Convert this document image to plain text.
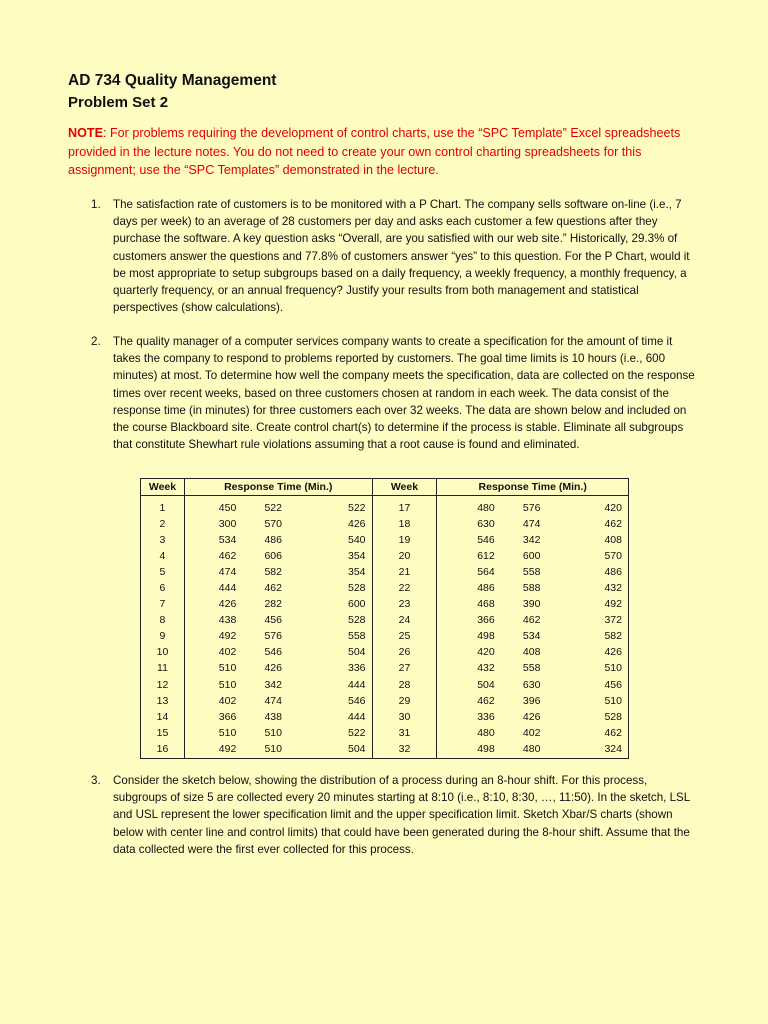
AD 734 Quality Management
Problem Set 2

NOTE: For problems requiring the development of control charts, use the “SPC Template” Excel spreadsheets provided in the lecture notes. You do not need to create your own control charting spreadsheets for this assignment; use the “SPC Templates” demonstrated in the lecture.

1. The satisfaction rate of customers is to be monitored with a P Chart. The company sells software on-line (i.e., 7 days per week) to an average of 28 customers per day and asks each customer a few questions after they purchase the software. A key question asks “Overall, are you satisfied with our web site.” Historically, 29.3% of customers answer the questions and 77.8% of customers answer “yes” to this question. For the P Chart, would it be most appropriate to setup subgroups based on a daily frequency, a weekly frequency, a monthly frequency, a quarterly frequency, or an annual frequency? Justify your results from both management and statistical perspectives (show calculations).
2. The quality manager of a computer services company wants to create a specification for the amount of time it takes the company to respond to problems reported by customers. The goal time limits is 10 hours (i.e., 600 minutes) at most. To determine how well the company meets the specification, data are collected on the response times over recent weeks, based on three customers chosen at random in each week. The data consist of the response time (in minutes) for three customers each over 32 weeks. The data are shown below and included on the course Blackboard site. Create control chart(s) to determine if the process is stable. Eliminate all subgroups that constitute Shewhart rule violations assuming that a root cause is found and eliminated.
Week	Response Time (Min.)			Week	Response Time (Min.)		
1	450	522	522	17	480	576	420
2	300	570	426	18	630	474	462
3	534	486	540	19	546	342	408
4	462	606	354	20	612	600	570
5	474	582	354	21	564	558	486
6	444	462	528	22	486	588	432
7	426	282	600	23	468	390	492
8	438	456	528	24	366	462	372
9	492	576	558	25	498	534	582
10	402	546	504	26	420	408	426
11	510	426	336	27	432	558	510
12	510	342	444	28	504	630	456
13	402	474	546	29	462	396	510
14	366	438	444	30	336	426	528
15	510	510	522	31	480	402	462
16	492	510	504	32	498	480	324
3. Consider the sketch below, showing the distribution of a process during an 8-hour shift. For this process, subgroups of size 5 are collected every 20 minutes starting at 8:10 (i.e., 8:10, 8:30, …, 11:50). In the sketch, LSL and USL represent the lower specification limit and the upper specification limit. Sketch Xbar/S charts (shown below with center line and control limits) that could have been generated during the 8-hour shift. Assume that the data collected were the first ever collected for this process.
